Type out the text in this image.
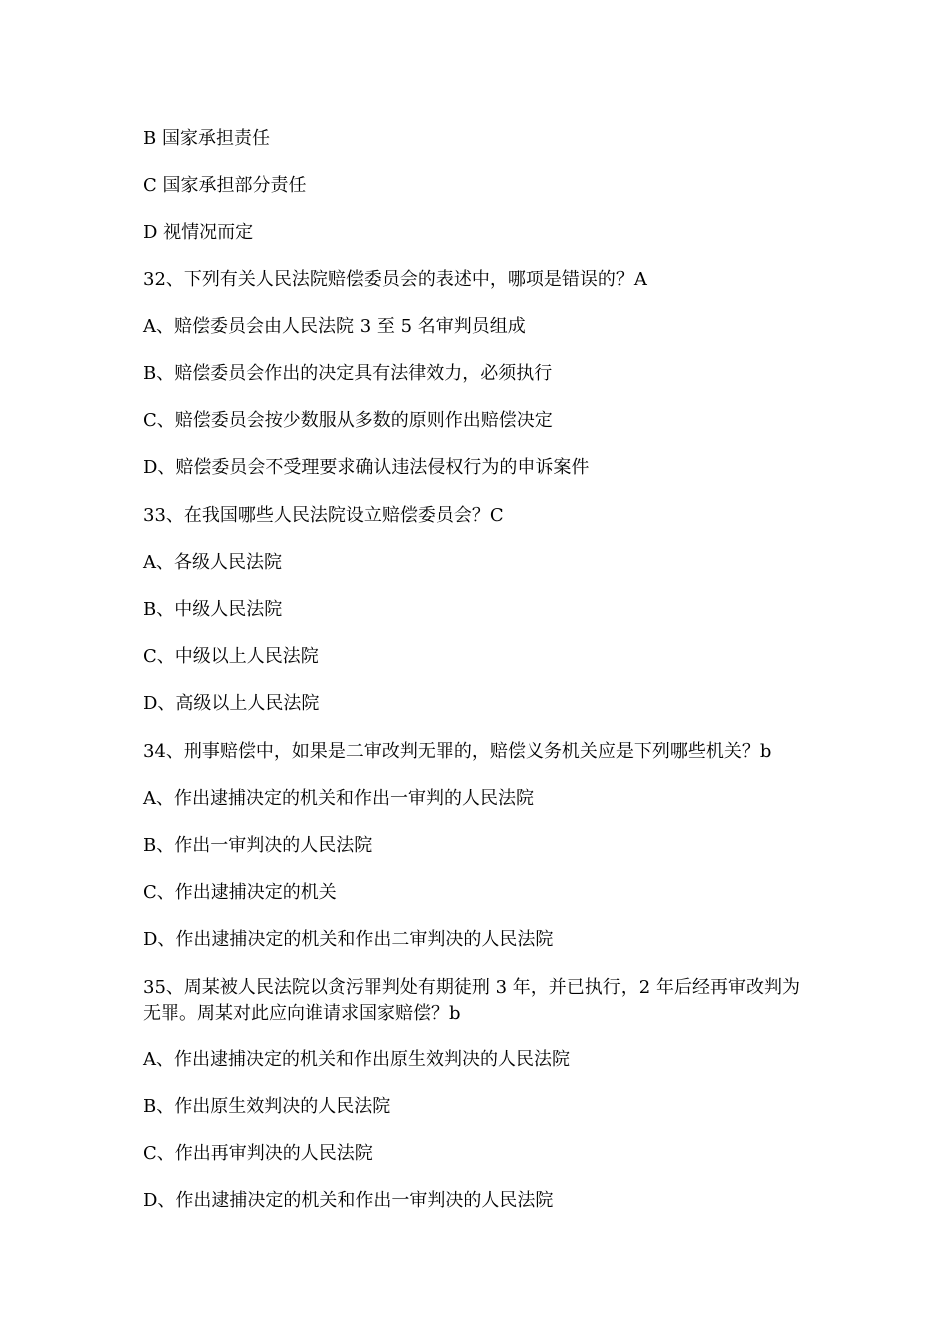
B 国家承担责任
C 国家承担部分责任
D 视情况而定
32、下列有关人民法院赔偿委员会的表述中，哪项是错误的？A
A、赔偿委员会由人民法院 3 至 5 名审判员组成
B、赔偿委员会作出的决定具有法律效力，必须执行
C、赔偿委员会按少数服从多数的原则作出赔偿决定
D、赔偿委员会不受理要求确认违法侵权行为的申诉案件
33、在我国哪些人民法院设立赔偿委员会？C
A、各级人民法院
B、中级人民法院
C、中级以上人民法院
D、高级以上人民法院
34、刑事赔偿中，如果是二审改判无罪的，赔偿义务机关应是下列哪些机关？b
A、作出逮捕决定的机关和作出一审判的人民法院
B、作出一审判决的人民法院
C、作出逮捕决定的机关
D、作出逮捕决定的机关和作出二审判决的人民法院
35、周某被人民法院以贪污罪判处有期徒刑 3 年，并已执行，2 年后经再审改判为无罪。周某对此应向谁请求国家赔偿？b
A、作出逮捕决定的机关和作出原生效判决的人民法院
B、作出原生效判决的人民法院
C、作出再审判决的人民法院
D、作出逮捕决定的机关和作出一审判决的人民法院
